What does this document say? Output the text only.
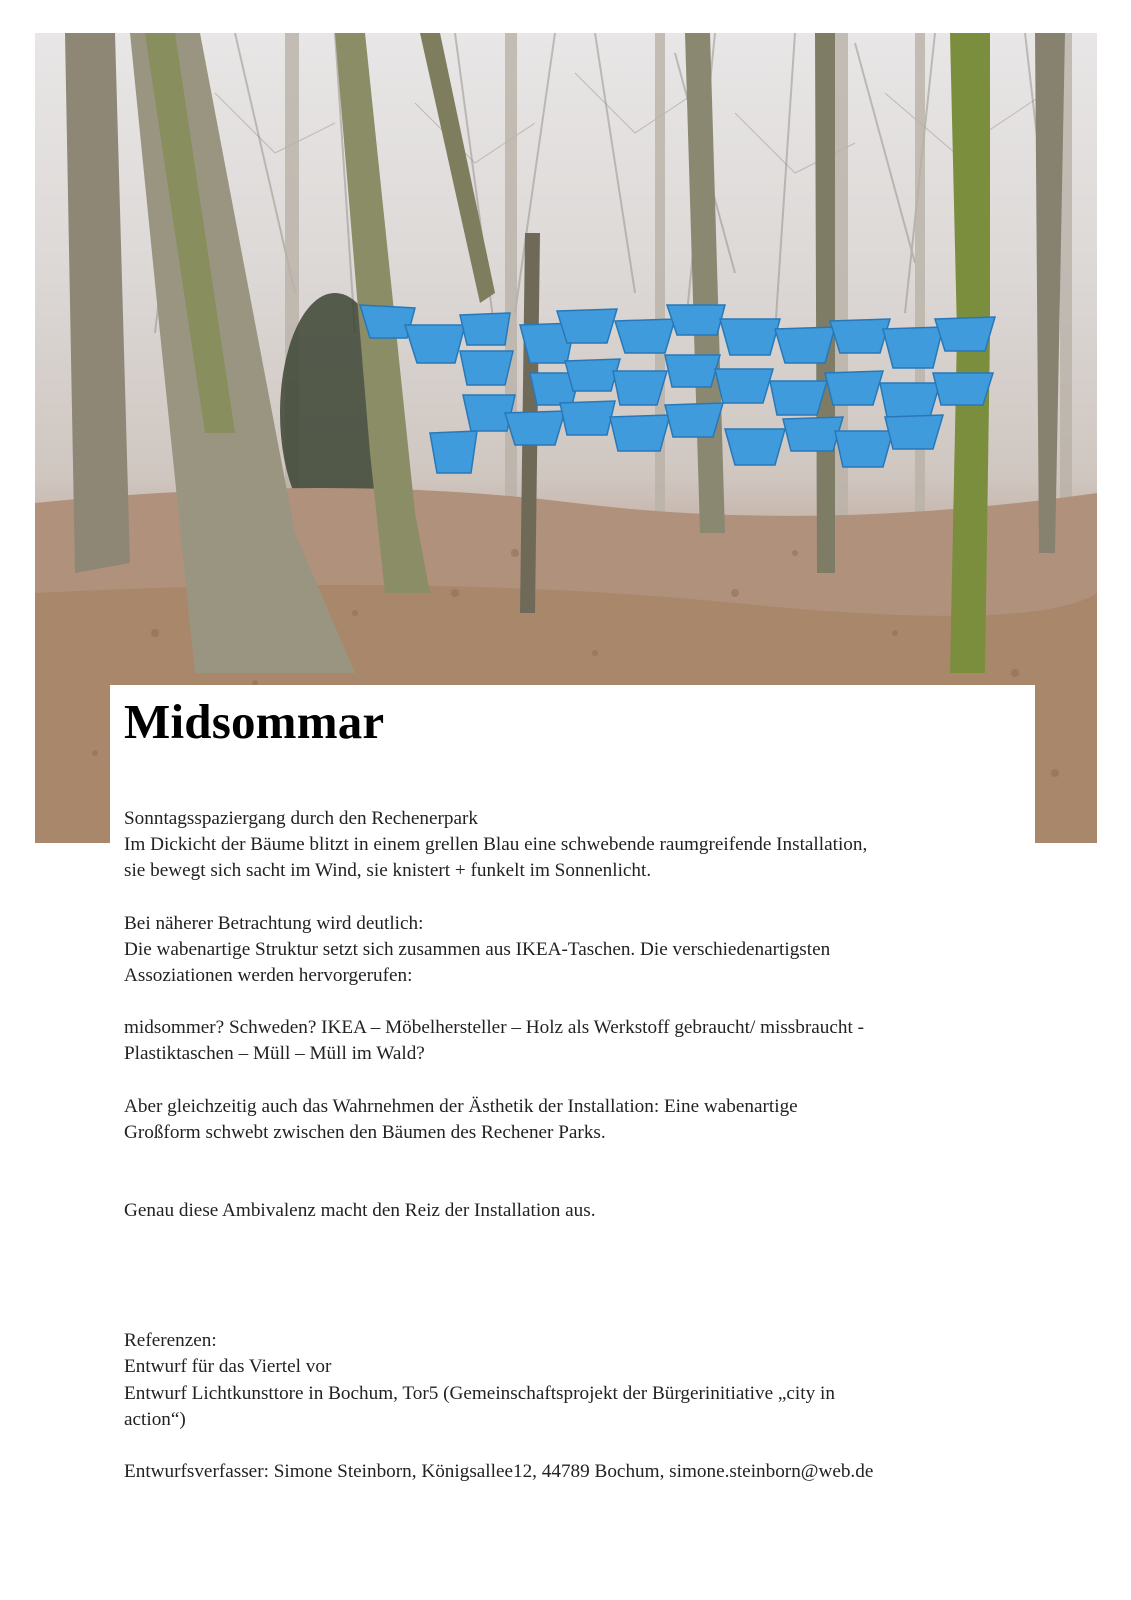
Midsommar

Sonntagsspaziergang durch den Rechenerpark

Im Dickicht der Bäume blitzt in einem grellen Blau eine schwebende raumgreifende Installation,

sie bewegt sich sacht im Wind, sie knistert + funkelt im Sonnenlicht.

Bei näherer Betrachtung wird deutlich:

Die wabenartige Struktur setzt sich zusammen aus IKEA-Taschen. Die verschiedenartigsten

Assoziationen werden hervorgerufen:

midsommer? Schweden? IKEA – Möbelhersteller – Holz als Werkstoff gebraucht/ missbraucht -

Plastiktaschen – Müll – Müll im Wald?

Aber gleichzeitig auch das Wahrnehmen der Ästhetik der Installation: Eine wabenartige

Großform schwebt zwischen den Bäumen des Rechener Parks.

Genau diese Ambivalenz macht den Reiz der Installation aus.

Referenzen:

Entwurf für das Viertel vor

Entwurf Lichtkunsttore in Bochum, Tor5 (Gemeinschaftsprojekt der Bürgerinitiative „city in

action“)

Entwurfsverfasser: Simone Steinborn, Königsallee12, 44789 Bochum, simone.steinborn@web.de
